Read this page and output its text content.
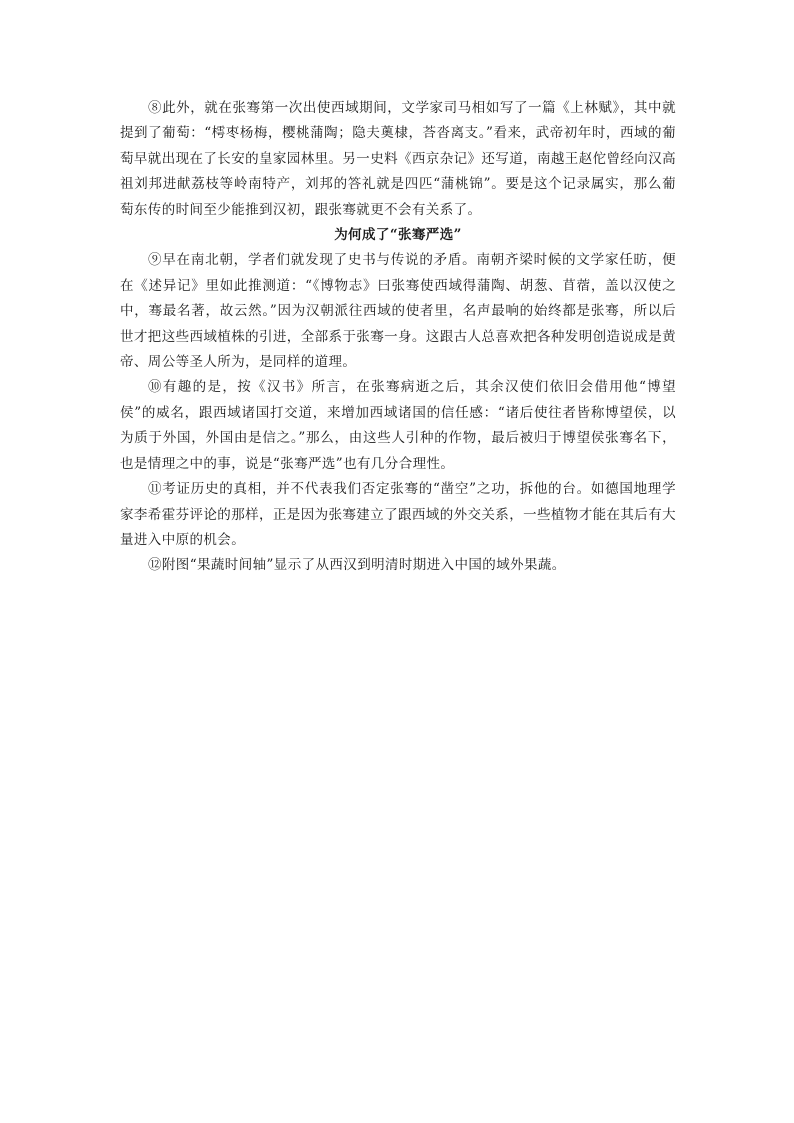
⑧此外，就在张骞第一次出使西域期间，文学家司马相如写了一篇《上林赋》，其中就提到了葡萄：“樗枣杨梅，樱桃蒲陶；隐夫薁棣，荅沓离支。”看来，武帝初年时，西域的葡萄早就出现在了长安的皇家园林里。另一史料《西京杂记》还写道，南越王赵佗曾经向汉高祖刘邦进献荔枝等岭南特产，刘邦的答礼就是四匹“蒲桃锦”。要是这个记录属实，那么葡萄东传的时间至少能推到汉初，跟张骞就更不会有关系了。

为何成了“张骞严选”

⑨早在南北朝，学者们就发现了史书与传说的矛盾。南朝齐梁时候的文学家任昉，便在《述异记》里如此推测道：“《博物志》曰张骞使西域得蒲陶、胡葱、苜蓿，盖以汉使之中，骞最名著，故云然。”因为汉朝派往西域的使者里，名声最响的始终都是张骞，所以后世才把这些西域植株的引进，全部系于张骞一身。这跟古人总喜欢把各种发明创造说成是黄帝、周公等圣人所为，是同样的道理。

⑩有趣的是，按《汉书》所言，在张骞病逝之后，其余汉使们依旧会借用他“博望侯”的威名，跟西域诸国打交道，来增加西域诸国的信任感：“诸后使往者皆称博望侯，以为质于外国，外国由是信之。”那么，由这些人引种的作物，最后被归于博望侯张骞名下，也是情理之中的事，说是“张骞严选”也有几分合理性。

⑪考证历史的真相，并不代表我们否定张骞的“凿空”之功，拆他的台。如德国地理学家李希霍芬评论的那样，正是因为张骞建立了跟西域的外交关系，一些植物才能在其后有大量进入中原的机会。

⑫附图“果蔬时间轴”显示了从西汉到明清时期进入中国的域外果蔬。
